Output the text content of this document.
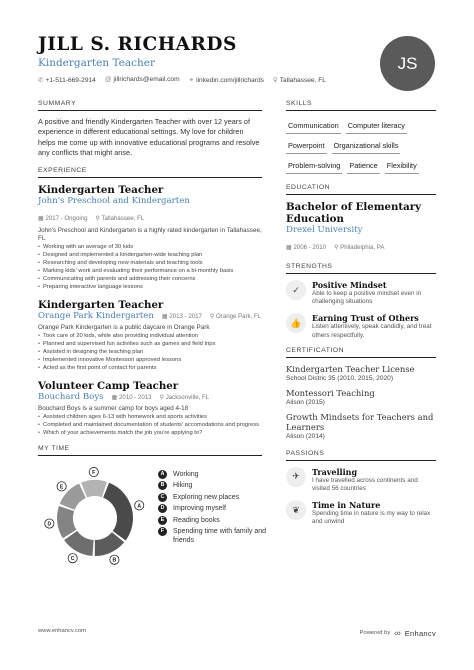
JILL S. RICHARDS
Kindergarten Teacher
✆ +1-511-669-2914 @ jillrichards@email.com ⚭ linkedin.com/jillrichards ⚲ Tallahassee, FL
JS
SUMMARY
A positive and friendly Kindergarten Teacher with over 12 years of experience in different educational settings. My love for children helps me come up with innovative educational programs and resolve any conflicts that might arise.
EXPERIENCE
Kindergarten Teacher
John's Preschool and Kindergarten
▦ 2017 - Ongoing ⚲ Tallahassee, FL
John's Preschool and Kindergarten is a highly rated kindergarten in Tallahassee, FL
• Working with an average of 30 kids
• Designed and implemented a kindergarten-wide teaching plan
• Researching and developing new materials and teaching tools
• Marking kids' work and evaluating their performance on a bi-monthly basis
• Communicating with parents and addressing their concerns
• Preparing interactive language lessons
Kindergarten Teacher
Orange Park Kindergarten ▦ 2013 - 2017 ⚲ Orange Park, FL
Orange Park Kindergarten is a public daycare in Orange Park
• Took care of 20 kids, while also providing individual attention
• Planned and supervised fun activities such as games and field trips
• Assisted in designing the teaching plan
• Implemented innovative Montessori approved lessons
• Acted as the first point of contact for parents
Volunteer Camp Teacher
Bouchard Boys ▦ 2010 - 2013 ⚲ Jacksonville, FL
Bouchard Boys is a summer camp for boys aged 4-18
• Assisted children ages 6-13 with homework and sports activities
• Completed and maintained documentation of students' accomodations and progress
• Which of your achievements match the job you're applying to?
MY TIME
A
B
C
D
E
F	A	Working
B	Hiking
C	Exploring new places
D	Improving myself
E	Reading books
F	Spending time with family and friends
SKILLS
Communication Computer literacy
Powerpoint Organizational skills
Problem-solving Patience Flexibility
EDUCATION
Bachelor of Elementary Education
Drexel University
▦ 2006 - 2010 ⚲ Philadelphia, PA
STRENGTHS
✓	Positive Mindset
Able to keep a positive mindset even in challenging situations
👍	Earning Trust of Others
Listen attentively, speak candidly, and treat others respectfully.
CERTIFICATION
Kindergarten Teacher License
School Distric 35 (2010, 2015, 2020)
Montessori Teaching
Alison (2015)
Growth Mindsets for Teachers and Learners
Alison (2014)
PASSIONS
✈	Travelling
I have travelled across continents and visited 56 countries
❦	Time in Nature
Spending time in nature is my way to relax and unwind
www.enhancv.com	Powered by ∞ Enhancv
